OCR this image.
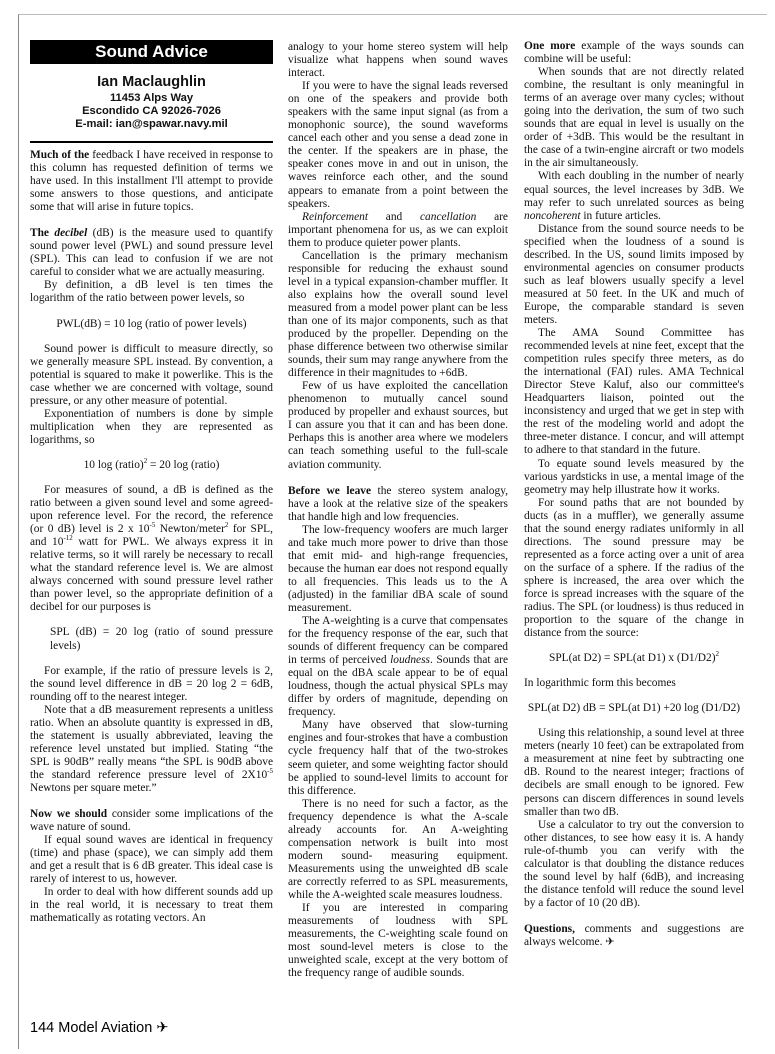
Sound Advice
Ian Maclaughlin
11453 Alps Way
Escondido CA 92026-7026
E-mail: ian@spawar.navy.mil

Much of the feedback I have received in response to this column has requested definition of terms we have used. In this installment I'll attempt to provide some answers to those questions, and anticipate some that will arise in future topics.

The decibel (dB) is the measure used to quantify sound power level (PWL) and sound pressure level (SPL). This can lead to confusion if we are not careful to consider what we are actually measuring.

By definition, a dB level is ten times the logarithm of the ratio between power levels, so

PWL(dB) = 10 log (ratio of power levels)

Sound power is difficult to measure directly, so we generally measure SPL instead. By convention, a potential is squared to make it powerlike. This is the case whether we are concerned with voltage, sound pressure, or any other measure of potential.

Exponentiation of numbers is done by simple multiplication when they are represented as logarithms, so

10 log (ratio)$^2$ = 20 log (ratio)

For measures of sound, a dB is defined as the ratio between a given sound level and some agreed-upon reference level. For the record, the reference (or 0 dB) level is 2 x $10^{-5}$ Newton/meter$^2$ for SPL, and $10^{-12}$ watt for PWL. We always express it in relative terms, so it will rarely be necessary to recall what the standard reference level is. We are almost always concerned with sound pressure level rather than power level, so the appropriate definition of a decibel for our purposes is

SPL (dB) = 20 log (ratio of sound pressure levels)

For example, if the ratio of pressure levels is 2, the sound level difference in dB = 20 log 2 = 6dB, rounding off to the nearest integer.

Note that a dB measurement represents a unitless ratio. When an absolute quantity is expressed in dB, the statement is usually abbreviated, leaving the reference level unstated but implied. Stating “the SPL is 90dB” really means “the SPL is 90dB above the standard reference pressure level of $2X10^{-5}$ Newtons per square meter.”

Now we should consider some implications of the wave nature of sound.

If equal sound waves are identical in frequency (time) and phase (space), we can simply add them and get a result that is 6 dB greater. This ideal case is rarely of interest to us, however.

In order to deal with how different sounds add up in the real world, it is necessary to treat them mathematically as rotating vectors. An

analogy to your home stereo system will help visualize what happens when sound waves interact.

If you were to have the signal leads reversed on one of the speakers and provide both speakers with the same input signal (as from a monophonic source), the sound waveforms cancel each other and you sense a dead zone in the center. If the speakers are in phase, the speaker cones move in and out in unison, the waves reinforce each other, and the sound appears to emanate from a point between the speakers.

Reinforcement and cancellation are important phenomena for us, as we can exploit them to produce quieter power plants.

Cancellation is the primary mechanism responsible for reducing the exhaust sound level in a typical expansion-chamber muffler. It also explains how the overall sound level measured from a model power plant can be less than one of its major components, such as that produced by the propeller. Depending on the phase difference between two otherwise similar sounds, their sum may range anywhere from the difference in their magnitudes to +6dB.

Few of us have exploited the cancellation phenomenon to mutually cancel sound produced by propeller and exhaust sources, but I can assure you that it can and has been done. Perhaps this is another area where we modelers can teach something useful to the full-scale aviation community.

Before we leave the stereo system analogy, have a look at the relative size of the speakers that handle high and low frequencies.

The low-frequency woofers are much larger and take much more power to drive than those that emit mid- and high-range frequencies, because the human ear does not respond equally to all frequencies. This leads us to the A (adjusted) in the familiar dBA scale of sound measurement.

The A-weighting is a curve that compensates for the frequency response of the ear, such that sounds of different frequency can be compared in terms of perceived loudness. Sounds that are equal on the dBA scale appear to be of equal loudness, though the actual physical SPLs may differ by orders of magnitude, depending on frequency.

Many have observed that slow-turning engines and four-strokes that have a combustion cycle frequency half that of the two-strokes seem quieter, and some weighting factor should be applied to sound-level limits to account for this difference.

There is no need for such a factor, as the frequency dependence is what the A-scale already accounts for. An A-weighting compensation network is built into most modern sound- measuring equipment. Measurements using the unweighted dB scale are correctly referred to as SPL measurements, while the A-weighted scale measures loudness.

If you are interested in comparing measurements of loudness with SPL measurements, the C-weighting scale found on most sound-level meters is close to the unweighted scale, except at the very bottom of the frequency range of audible sounds.

One more example of the ways sounds can combine will be useful:

When sounds that are not directly related combine, the resultant is only meaningful in terms of an average over many cycles; without going into the derivation, the sum of two such sounds that are equal in level is usually on the order of +3dB. This would be the resultant in the case of a twin-engine aircraft or two models in the air simultaneously.

With each doubling in the number of nearly equal sources, the level increases by 3dB. We may refer to such unrelated sources as being noncoherent in future articles.

Distance from the sound source needs to be specified when the loudness of a sound is described. In the US, sound limits imposed by environmental agencies on consumer products such as leaf blowers usually specify a level measured at 50 feet. In the UK and much of Europe, the comparable standard is seven meters.

The AMA Sound Committee has recommended levels at nine feet, except that the competition rules specify three meters, as do the international (FAI) rules. AMA Technical Director Steve Kaluf, also our committee's Headquarters liaison, pointed out the inconsistency and urged that we get in step with the rest of the modeling world and adopt the three-meter distance. I concur, and will attempt to adhere to that standard in the future.

To equate sound levels measured by the various yardsticks in use, a mental image of the geometry may help illustrate how it works.

For sound paths that are not bounded by ducts (as in a muffler), we generally assume that the sound energy radiates uniformly in all directions. The sound pressure may be represented as a force acting over a unit of area on the surface of a sphere. If the radius of the sphere is increased, the area over which the force is spread increases with the square of the radius. The SPL (or loudness) is thus reduced in proportion to the square of the change in distance from the source:

SPL(at D2) = SPL(at D1) x $(D1/D2)^2$

In logarithmic form this becomes

SPL(at D2) dB = SPL(at D1) +20 log (D1/D2)

Using this relationship, a sound level at three meters (nearly 10 feet) can be extrapolated from a measurement at nine feet by subtracting one dB. Round to the nearest integer; fractions of decibels are small enough to be ignored. Few persons can discern differences in sound levels smaller than two dB.

Use a calculator to try out the conversion to other distances, to see how easy it is. A handy rule-of-thumb you can verify with the calculator is that doubling the distance reduces the sound level by half (6dB), and increasing the distance tenfold will reduce the sound level by a factor of 10 (20 dB).

Questions, comments and suggestions are always welcome. ✈

144 Model Aviation ✈
